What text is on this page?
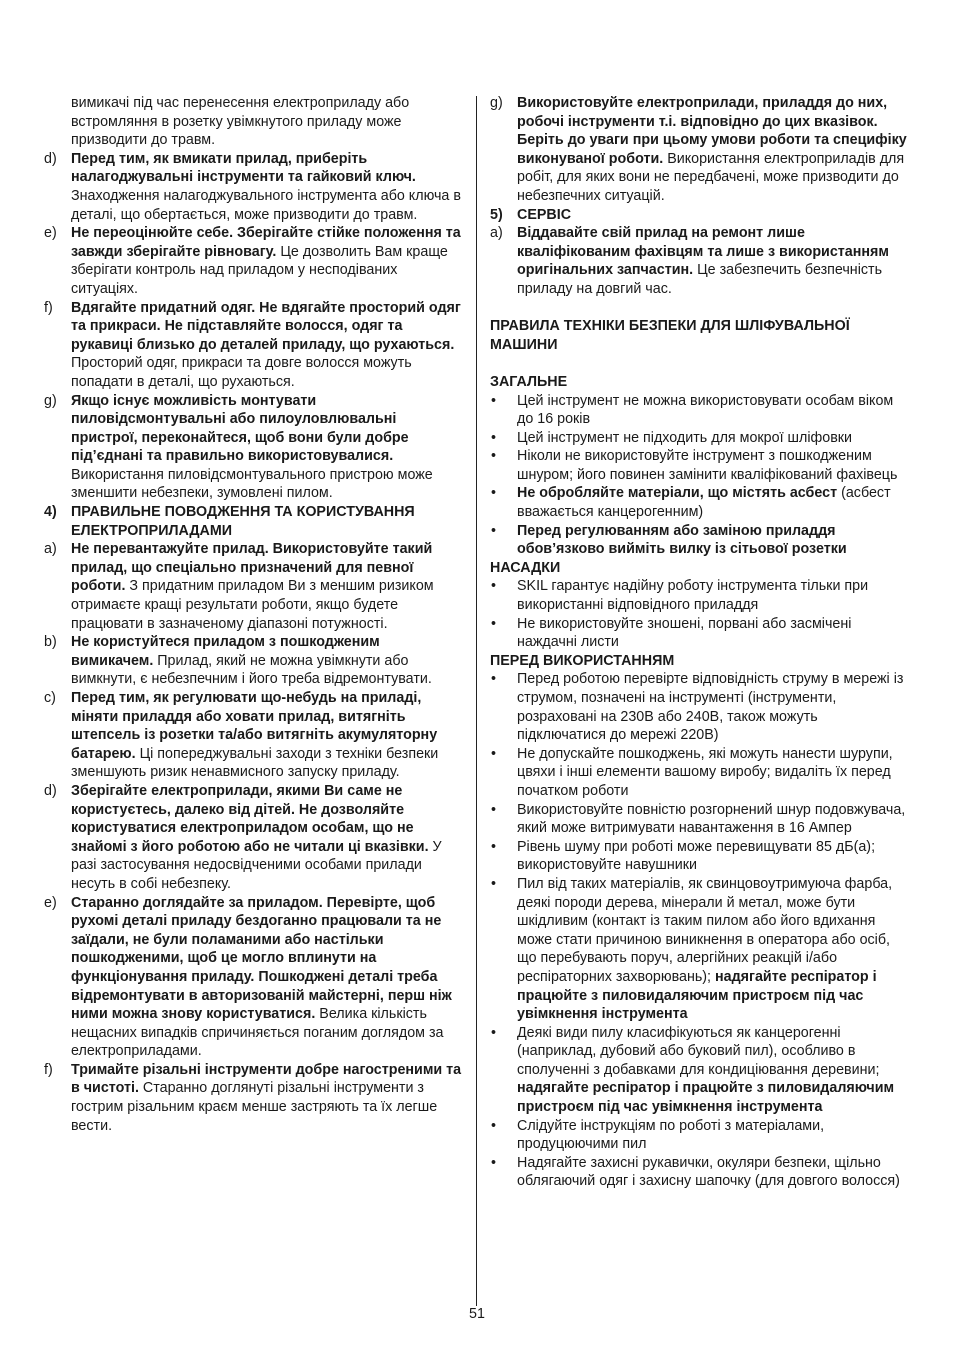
вимикачі під час перенесення електроприладу або встромляння в розетку увімкнутого приладу може призводити до травм.
d) Перед тим, як вмикати прилад, приберіть налагоджувальні інструменти та гайковий ключ. Знаходження налагоджувального інструмента або ключа в деталі, що обертається, може призводити до травм.
e) Не переоцінюйте себе. Зберігайте стійке положення та завжди зберігайте рівновагу. Це дозволить Вам краще зберігати контроль над приладом у несподіваних ситуаціях.
f) Вдягайте придатний одяг. Не вдягайте просторий одяг та прикраси. Не підставляйте волосся, одяг та рукавиці близько до деталей приладу, що рухаються. Просторий одяг, прикраси та довге волосся можуть попадати в деталі, що рухаються.
g) Якщо існує можливість монтувати пиловідсмонтувальні або пилоуловлювальні пристрої, переконайтеся, щоб вони були добре під’єднані та правильно використовувалися. Використання пиловідсмонтувального пристрою може зменшити небезпеки, зумовлені пилом.
4) ПРАВИЛЬНЕ ПОВОДЖЕННЯ ТА КОРИСТУВАННЯ ЕЛЕКТРОПРИЛАДАМИ
a) Не перевантажуйте прилад. Використовуйте такий прилад, що спеціально призначений для певної роботи. З придатним приладом Ви з меншим ризиком отримаєте кращі результати роботи, якщо будете працювати в зазначеному діапазоні потужності.
b) Не користуйтеся приладом з пошкодженим вимикачем. Прилад, який не можна увімкнути або вимкнути, є небезпечним і його треба відремонтувати.
c) Перед тим, як регулювати що-небудь на приладі, міняти приладдя або ховати прилад, витягніть штепсель із розетки та/або витягніть акумуляторну батарею. Ці попереджувальні заходи з техніки безпеки зменшують ризик ненавмисного запуску приладу.
d) Зберігайте електроприлади, якими Ви саме не користуєтесь, далеко від дітей. Не дозволяйте користуватися електроприладом особам, що не знайомі з його роботою або не читали ці вказівки. У разі застосування недосвідченими особами прилади несуть в собі небезпеку.
e) Старанно доглядайте за приладом. Перевірте, щоб рухомі деталі приладу бездоганно працювали та не заїдали, не були поламаними або настільки пошкодженими, щоб це могло вплинути на функціонування приладу. Пошкоджені деталі треба відремонтувати в авторизованій майстерні, перш ніж ними можна знову користуватися. Велика кількість нещасних випадків спричиняється поганим доглядом за електроприладами.
f) Тримайте різальні інструменти добре нагостреними та в чистоті. Старанно доглянуті різальні інструменти з гострим різальним краєм менше застряють та їх легше вести.
g) Використовуйте електроприлади, приладдя до них, робочі інструменти т.і. відповідно до цих вказівок. Беріть до уваги при цьому умови роботи та специфіку виконуваної роботи. Використання електроприладів для робіт, для яких вони не передбачені, може призводити до небезпечних ситуацій.
5) СЕРВІС
a) Віддавайте свій прилад на ремонт лише кваліфікованим фахівцям та лише з використанням оригінальних запчастин. Це забезпечить безпечність приладу на довгий час.
ПРАВИЛА ТЕХНІКИ БЕЗПЕКИ ДЛЯ ШЛІФУВАЛЬНОЇ МАШИНИ
ЗАГАЛЬНЕ
• Цей інструмент не можна використовувати особам віком до 16 років
• Цей інструмент не підходить для мокрої шліфовки
• Ніколи не використовуйте інструмент з пошкодженим шнуром; його повинен замінити кваліфікований фахівець
• Не обробляйте матеріали, що містять асбест (асбест вважається канцерогенним)
• Перед регулюванням або заміною приладдя обов’язково вийміть вилку із сітьової розетки
НАСАДКИ
• SKIL гарантує надійну роботу інструмента тільки при використанні відповідного приладдя
• Не використовуйте зношені, порвані або засмічені наждачні листи
ПЕРЕД ВИКОРИСТАННЯМ
• Перед роботою перевірте відповідність струму в мережі із струмом, позначені на інструменті (інструменти, розраховані на 230В або 240В, також можуть підключатися до мережі 220В)
• Не допускайте пошкоджень, які можуть нанести шурупи, цвяхи і інші елементи вашому виробу; видаліть їх перед початком роботи
• Використовуйте повністю розгорнений шнур подовжувача, який може витримувати навантаження в 16 Ампер
• Рівень шуму при роботі може перевищувати 85 дБ(а); використовуйте навушники
• Пил від таких матеріалів, як свинцовоутримуюча фарба, деякі породи дерева, мінерали й метал, може бути шкідливим (контакт із таким пилом або його вдихання може стати причиною виникнення в оператора або осіб, що перебувають поруч, алергійних реакцій і/або респіраторних захворювань); надягайте респіратор і працюйте з пиловидаляючим пристроєм під час увімкнення інструмента
• Деякі види пилу класифікуються як канцерогенні (наприклад, дубовий або буковий пил), особливо в сполученні з добавками для кондиціювання деревини; надягайте респіратор і працюйте з пиловидаляючим пристроєм під час увімкнення інструмента
• Слідуйте інструкціям по роботі з матеріалами, продуцюючими пил
• Надягайте захисні рукавички, окуляри безпеки, щільно облягаючий одяг і захисну шапочку (для довгого волосся)
51
